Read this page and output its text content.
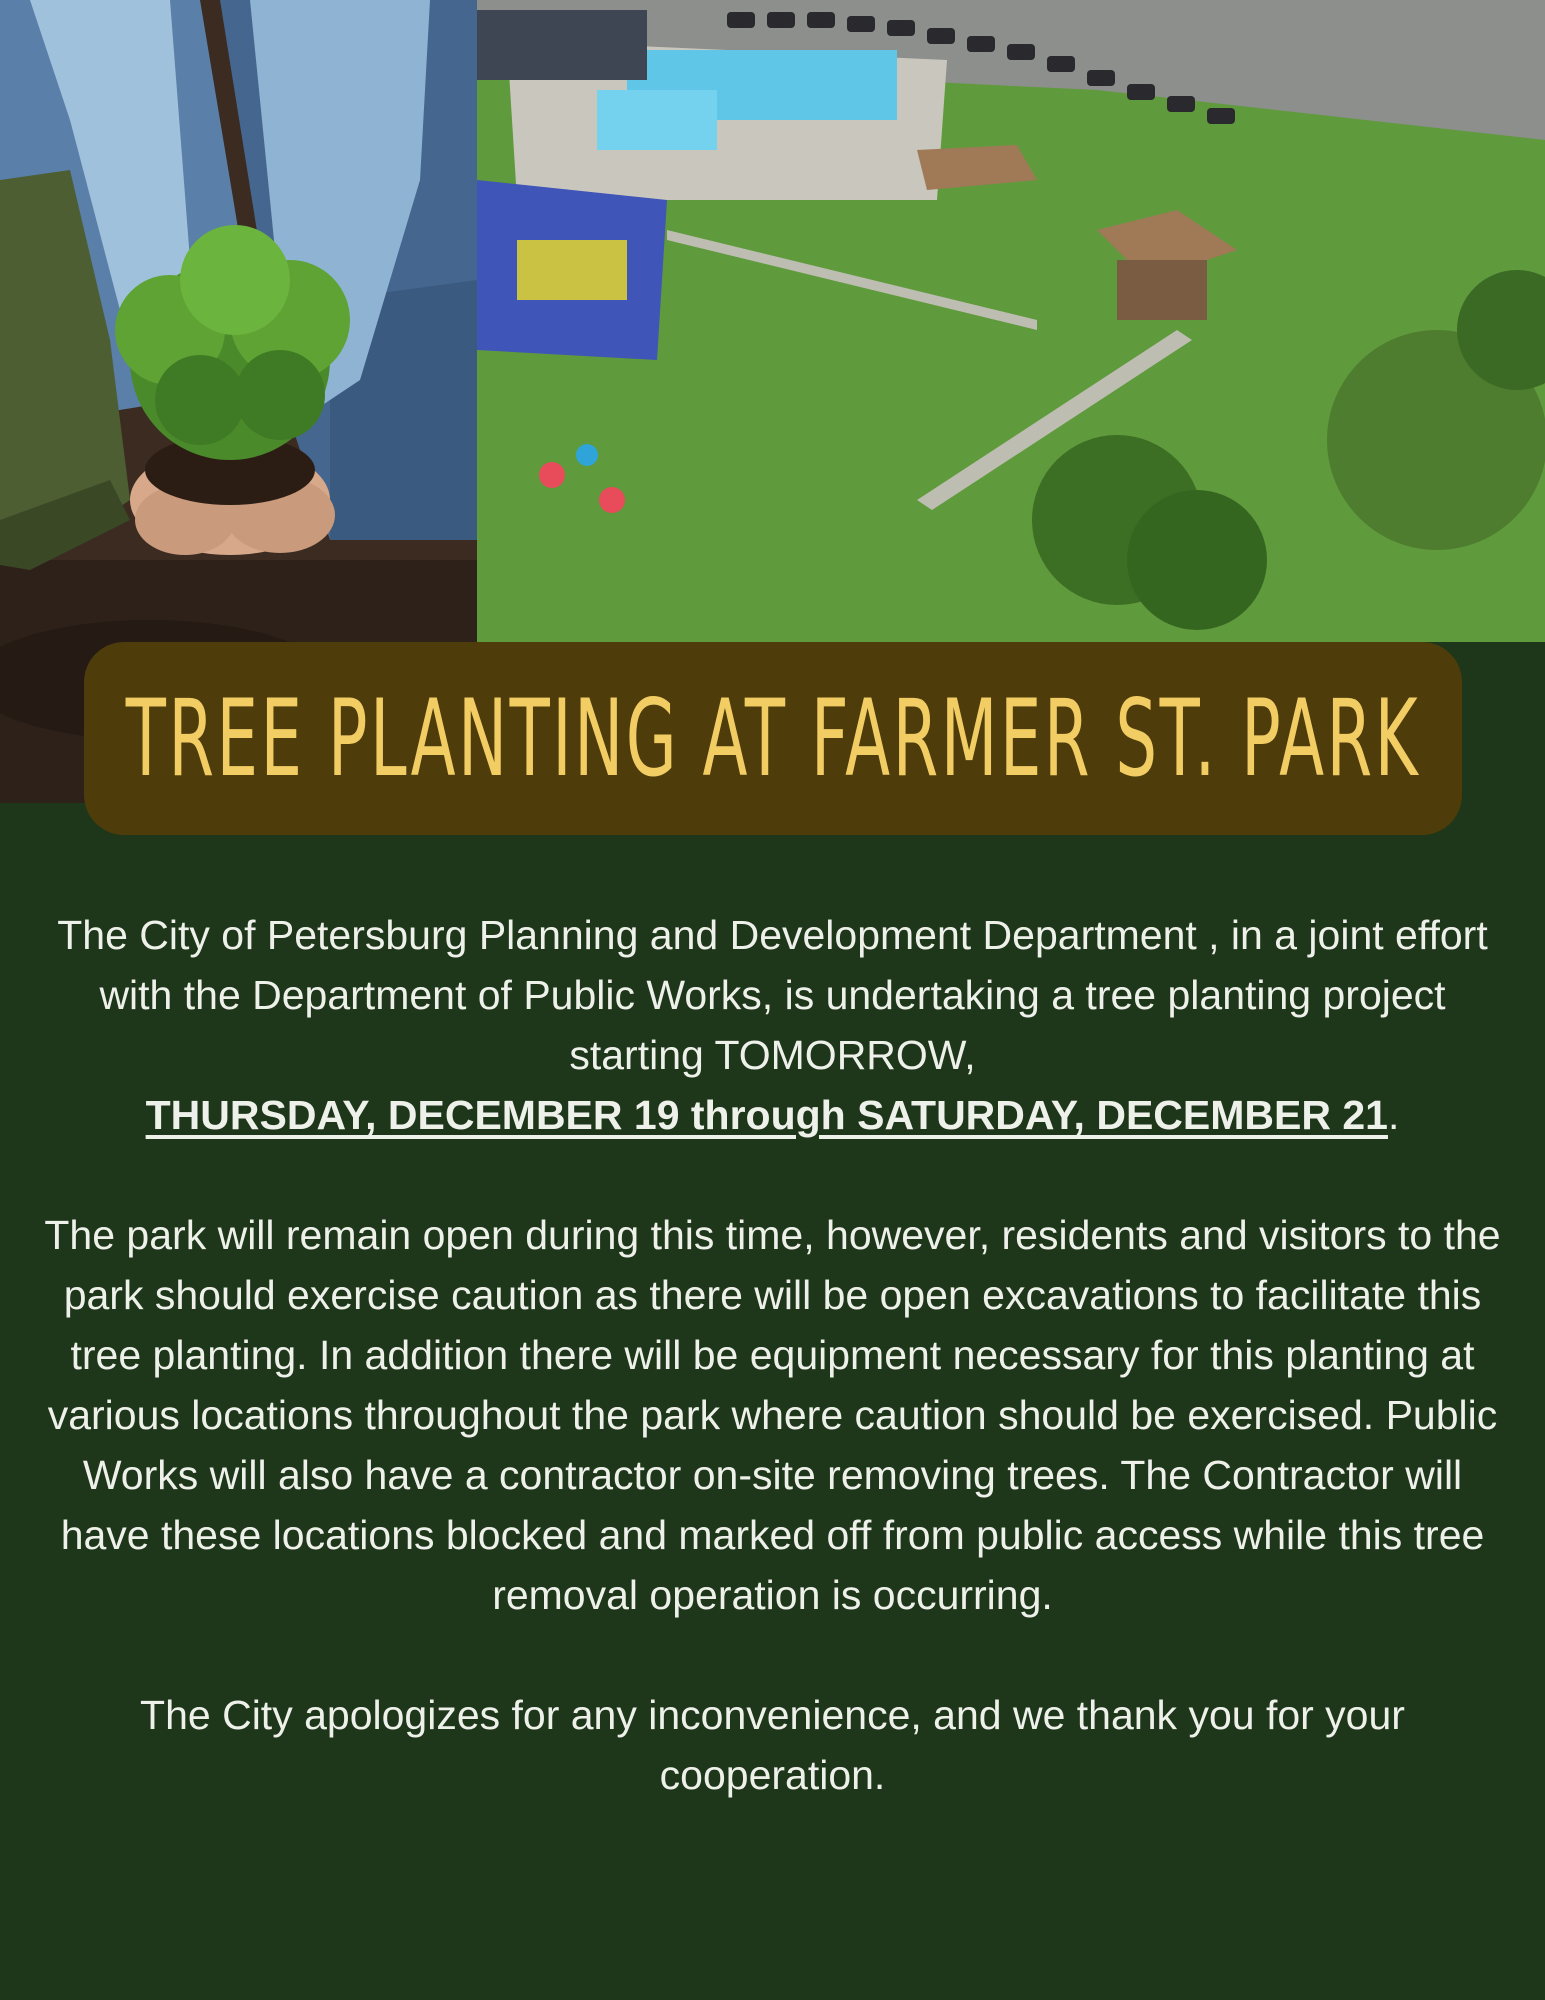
TREE PLANTING AT FARMER ST. PARK

The City of Petersburg Planning and Development Department , in a joint effort with the Department of Public Works, is undertaking a tree planting project starting TOMORROW,
THURSDAY, DECEMBER 19 through SATURDAY, DECEMBER 21.

The park will remain open during this time, however, residents and visitors to the park should exercise caution as there will be open excavations to facilitate this tree planting. In addition there will be equipment necessary for this planting at various locations throughout the park where caution should be exercised. Public Works will also have a contractor on-site removing trees. The Contractor will have these locations blocked and marked off from public access while this tree removal operation is occurring.

The City apologizes for any inconvenience, and we thank you for your cooperation.
